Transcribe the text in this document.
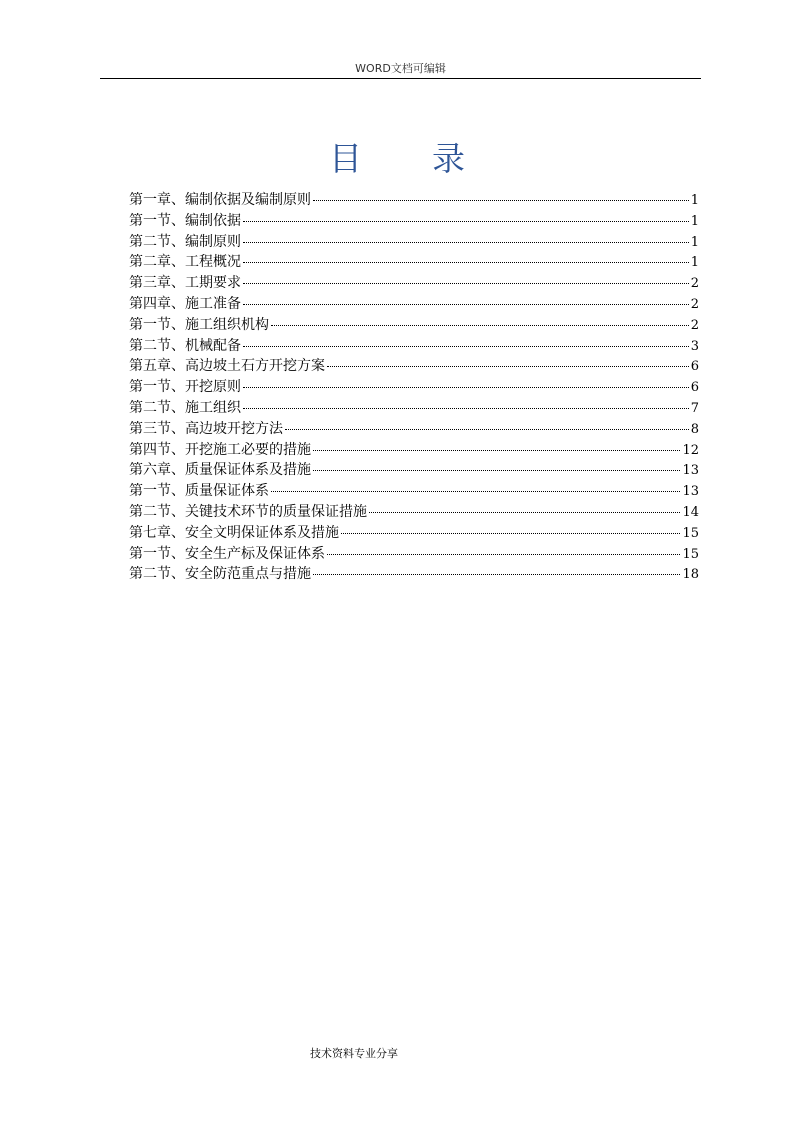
WORD文档可编辑
目 录
第一章、编制依据及编制原则	1
第一节、编制依据	1
第二节、编制原则	1
第二章、工程概况	1
第三章、工期要求	2
第四章、施工准备	2
第一节、施工组织机构	2
第二节、机械配备	3
第五章、高边坡土石方开挖方案	6
第一节、开挖原则	6
第二节、施工组织	7
第三节、高边坡开挖方法	8
第四节、开挖施工必要的措施	12
第六章、质量保证体系及措施	13
第一节、质量保证体系	13
第二节、关键技术环节的质量保证措施	14
第七章、安全文明保证体系及措施	15
第一节、安全生产标及保证体系	15
第二节、安全防范重点与措施	18
技术资料专业分享
